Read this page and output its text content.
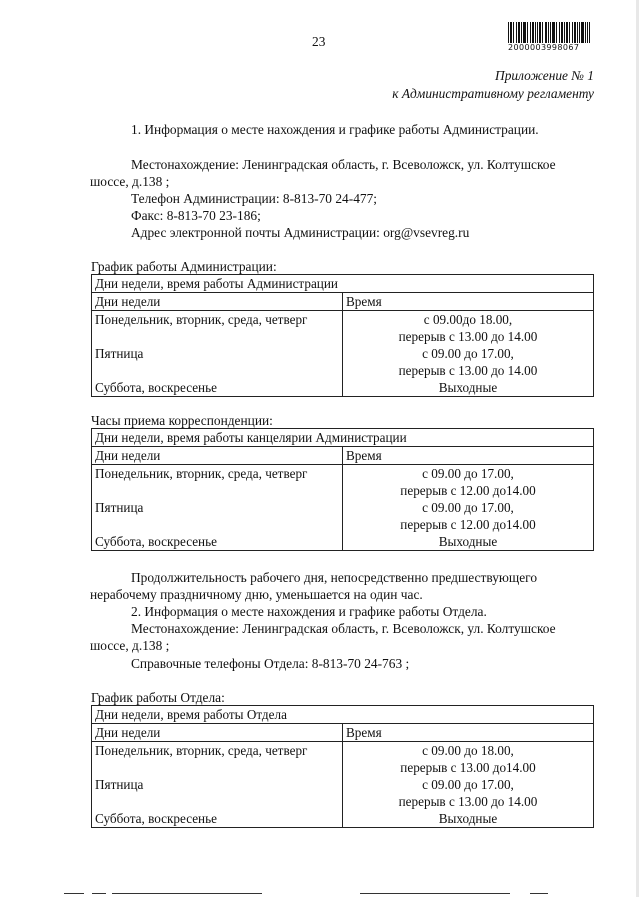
23	2000003998067
Приложение № 1
к Административному регламенту
1. Информация о месте нахождения и графике работы Администрации.
Местонахождение: Ленинградская область, г. Всеволожск, ул. Колтушское
шоссе, д.138 ;
Телефон Администрации: 8-813-70 24-477;
Факс: 8-813-70 23-186;
Адрес электронной почты Администрации: org@vsevreg.ru
График работы Администрации:
Дни недели, время работы Администрации	
Дни недели	Время
Понедельник, вторник, среда, четверг	с 09.00до 18.00,
перерыв с 13.00 до 14.00

Пятница	с 09.00 до 17.00,
перерыв с 13.00 до 14.00

Суббота, воскресенье	Выходные
Часы приема корреспонденции:
Дни недели, время работы канцелярии Администрации	
Дни недели	Время
Понедельник, вторник, среда, четверг	с 09.00 до 17.00,
перерыв с 12.00 до14.00

Пятница	с 09.00 до 17.00,
перерыв с 12.00 до14.00

Суббота, воскресенье	Выходные
Продолжительность рабочего дня, непосредственно предшествующего
нерабочему праздничному дню, уменьшается на один час.
2. Информация о месте нахождения и графике работы Отдела.
Местонахождение: Ленинградская область, г. Всеволожск, ул. Колтушское
шоссе, д.138 ;
Справочные телефоны Отдела: 8-813-70 24-763 ;
График работы Отдела:
Дни недели, время работы Отдела	
Дни недели	Время
Понедельник, вторник, среда, четверг	с 09.00 до 18.00,
перерыв с 13.00 до14.00

Пятница	с 09.00 до 17.00,
перерыв с 13.00 до 14.00

Суббота, воскресенье	Выходные
